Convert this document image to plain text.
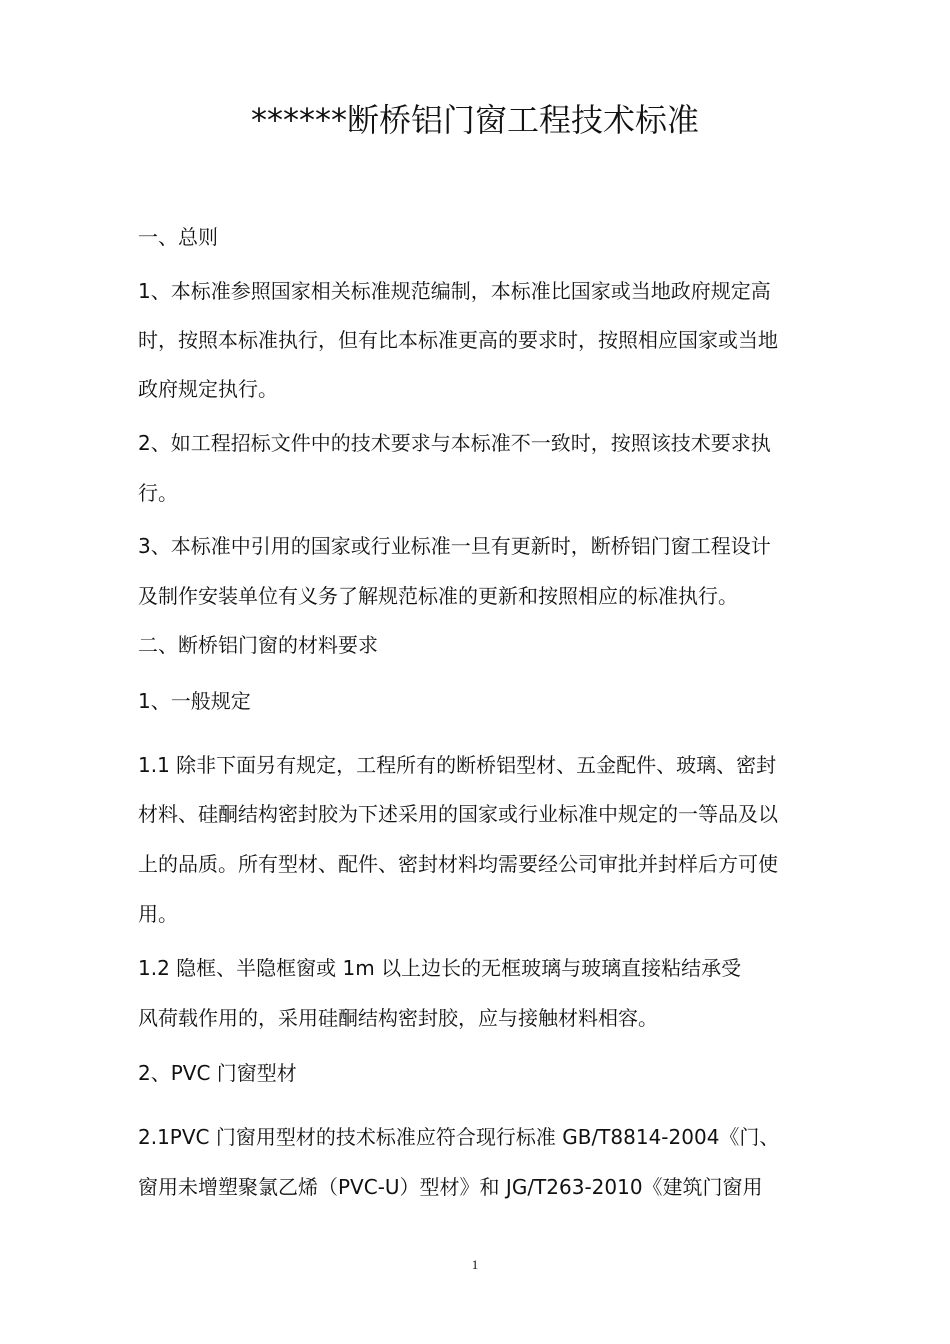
******断桥铝门窗工程技术标准
一、总则
1、本标准参照国家相关标准规范编制，本标准比国家或当地政府规定高
时，按照本标准执行，但有比本标准更高的要求时，按照相应国家或当地
政府规定执行。
2、如工程招标文件中的技术要求与本标准不一致时，按照该技术要求执
行。
3、本标准中引用的国家或行业标准一旦有更新时，断桥铝门窗工程设计
及制作安装单位有义务了解规范标准的更新和按照相应的标准执行。
二、断桥铝门窗的材料要求
1、一般规定
1.1 除非下面另有规定，工程所有的断桥铝型材、五金配件、玻璃、密封
材料、硅酮结构密封胶为下述采用的国家或行业标准中规定的一等品及以
上的品质。所有型材、配件、密封材料均需要经公司审批并封样后方可使
用。
1.2 隐框、半隐框窗或 1m 以上边长的无框玻璃与玻璃直接粘结承受
风荷载作用的，采用硅酮结构密封胶，应与接触材料相容。
2、PVC 门窗型材
2.1PVC 门窗用型材的技术标准应符合现行标准 GB/T8814-2004《门、
窗用未增塑聚氯乙烯（PVC-U）型材》和 JG/T263-2010《建筑门窗用
1
